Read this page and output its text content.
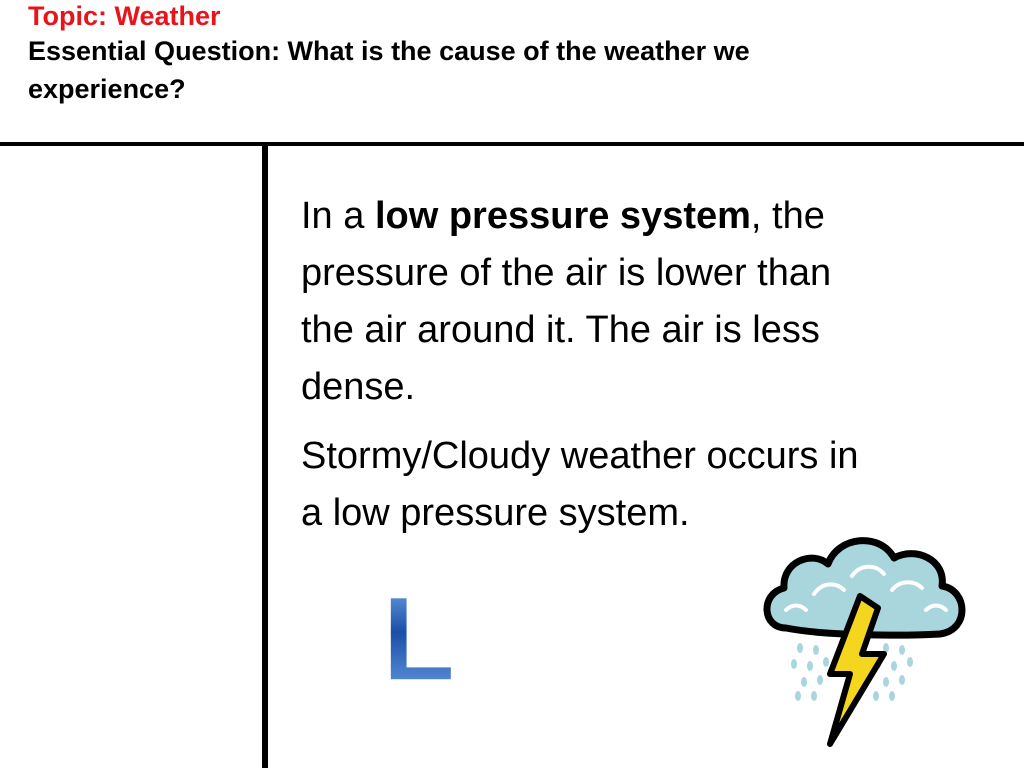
Topic: Weather
Essential Question: What is the cause of the weather we
experience?

In a low pressure system, the
pressure of the air is lower than
the air around it. The air is less
dense.

Stormy/Cloudy weather occurs in
a low pressure system.

L
